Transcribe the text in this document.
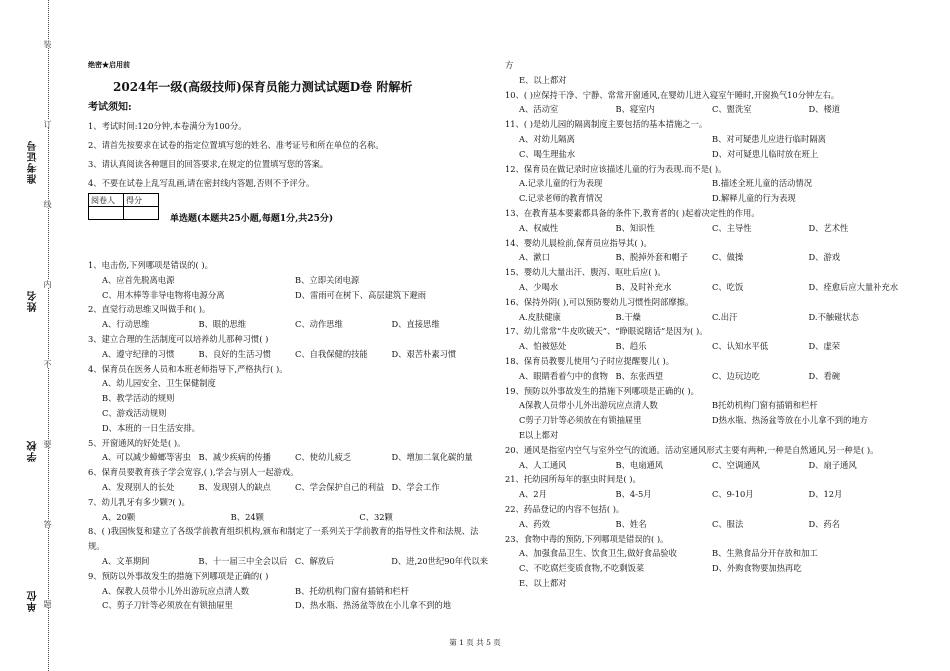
准考证号
姓名
学校
单位
装
订
线
内
不
要
答
题
绝密★启用前
2024年一级(高级技师)保育员能力测试试题D卷 附解析
考试须知:
1、考试时间:120分钟,本卷满分为100分。
2、请首先按要求在试卷的指定位置填写您的姓名、准考证号和所在单位的名称。
3、请认真阅读各种题目的回答要求,在规定的位置填写您的答案。
4、不要在试卷上乱写乱画,请在密封线内答题,否则不予评分。
阅卷人	得分

单选题(本题共25小题,每题1分,共25分)
1、电击伤,下列哪项是错误的( )。
A、应首先脱离电源	B、立即关闭电源
C、用木棒等非导电物将电源分离	D、雷雨可在树下、高层建筑下避雨
2、直觉行动思维又叫做手和( )。
A、行动思维	B、眼的思维	C、动作思维	D、直接思维
3、建立合理的生活制度可以培养幼儿那种习惯( )
A、遵守纪律的习惯	B、良好的生活习惯	C、自我保健的技能	D、艰苦朴素习惯
4、保育员在医务人员和本班老师指导下,严格执行( )。
A、幼儿园安全、卫生保健制度
B、教学活动的规则
C、游戏活动规则
D、本班的一日生活安排。
5、开窗通风的好处是( )。
A、可以减少蟑螂等害虫 B、减少疾病的传播	C、使幼儿疲乏	D、增加二氧化碳的量
6、保育员要教育孩子学会宽容,( ),学会与别人一起游戏。
A、发现别人的长处	B、发现别人的缺点	C、学会保护自己的利益 D、学会工作
7、幼儿乳牙有多少颗?( )。
A、20颗	B、24颗	C、32颗
8、( )我国恢复和建立了各级学前教育组织机构,颁布和制定了一系列关于学前教育的指导性文件和法规、法规。
A、文革期间	B、十一届三中全会以后 C、解放后	D、进,20世纪90年代以来
9、预防以外事故发生的措施下列哪项是正确的( )
A、保教人员带小儿外出游玩应点清人数	B、托幼机构门窗有插销和栏杆
C、剪子刀针等必须放在有锁抽屉里	D、热水瓶、热汤盆等放在小儿拿不到的地
方
E、以上都对
10、( )应保持干净、宁静、常常开窗通风,在婴幼儿进入寝室午睡时,开窗换气10分钟左右。
A、活动室	B、寝室内	C、盥洗室	D、楼道
11、( )是幼儿园的隔离制度主要包括的基本措施之一。
A、对幼儿隔离	B、对可疑患儿应进行临时隔离
C、喝生理盐水	D、对可疑患儿临时放在班上
12、保育员在做记录时应该描述儿童的行为表现.而不是( )。
A.记录儿童的行为表现	B.描述全班儿童的活动情况
C.记录老师的教育情况	D.解释儿童的行为表现
13、在教育基本要素都具备的条件下,教育者的( )起着决定性的作用。
A、权威性	B、知识性	C、主导性	D、艺术性
14、婴幼儿晨检前,保育员应指导其( )。
A、漱口	B、脱掉外套和帽子	C、做操	D、游戏
15、婴幼儿大量出汗、腹泻、呕吐后应( )。
A、少喝水	B、及时补充水	C、吃饭	D、痊愈后应大量补充水
16、保持外阴( ),可以预防婴幼儿习惯性阴部摩擦。
A.皮肤健康	B.干燥	C.出汗	D.不触碰状态
17、幼儿常常“牛皮吹破天”、“睁眼说瞎话”是因为( )。
A、怕被惩处	B、趋乐	C、认知水平低	D、虚荣
18、保育员教婴儿使用勺子时应提醒婴儿( )。
A、眼睛看着勺中的食物 B、东张西望	C、边玩边吃	D、看碗
19、预防以外事故发生的措施下列哪项是正确的( )。
A保教人员带小儿外出游玩应点清人数	B托幼机构门窗有插销和栏杆
C剪子刀针等必须放在有锁抽屉里	D热水瓶、热汤盆等放在小儿拿不到的地方
E以上都对
20、通风是指室内空气与室外空气的流通。活动室通风形式主要有两种,一种是自然通风,另一种是( )。
A、人工通风	B、电扇通风	C、空调通风	D、扇子通风
21、托幼园所每年的驱虫时间是( )。
A、2月	B、4-5月	C、9-10月	D、12月
22、药品登记的内容不包括( )。
A、药效	B、姓名	C、服法	D、药名
23、食物中毒的预防,下列哪项是错误的( )。
A、加强食品卫生、饮食卫生,做好食品验收	B、生熟食品分开存放和加工
C、不吃腐烂变质食物,不吃剩饭菜	D、外购食物要加热再吃
E、以上都对
第 1 页 共 5 页
